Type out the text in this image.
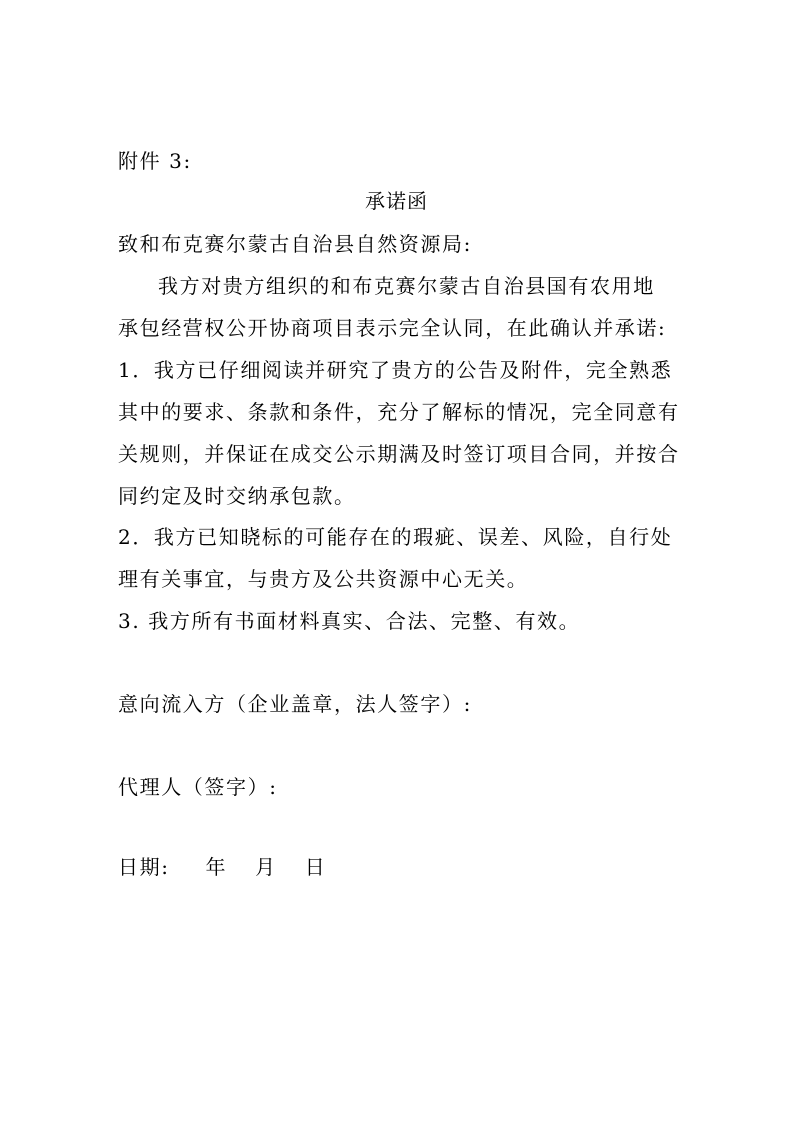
附件 3:
承诺函
致和布克赛尔蒙古自治县自然资源局:
我方对贵方组织的和布克赛尔蒙古自治县国有农用地
承包经营权公开协商项目表示完全认同，在此确认并承诺:
1．我方已仔细阅读并研究了贵方的公告及附件，完全熟悉
其中的要求、条款和条件，充分了解标的情况，完全同意有
关规则，并保证在成交公示期满及时签订项目合同，并按合
同约定及时交纳承包款。
2．我方已知晓标的可能存在的瑕疵、误差、风险，自行处
理有关事宜，与贵方及公共资源中心无关。
3. 我方所有书面材料真实、合法、完整、有效。
意向流入方（企业盖章，法人签字）:
代理人（签字）:
日期: 年 月 日
